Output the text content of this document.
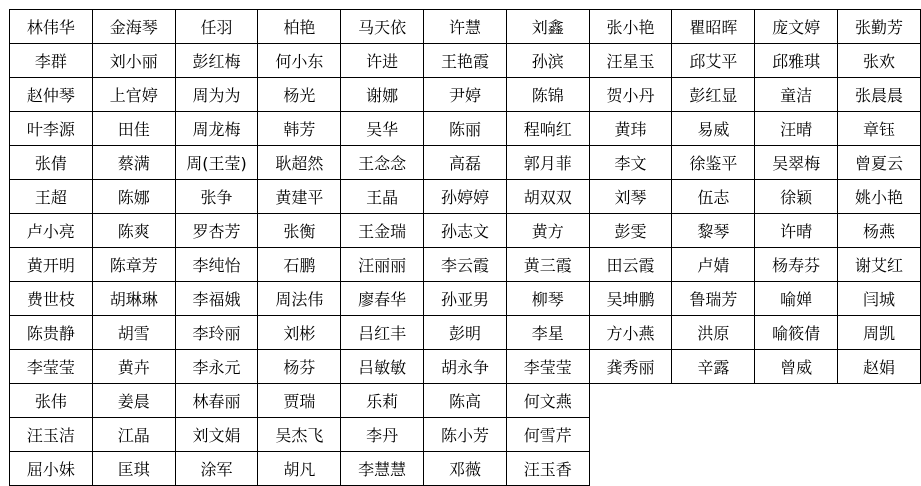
林伟华	金海琴	任羽	柏艳	马天依	许慧	刘鑫	张小艳	瞿昭晖	庞文婷	张勤芳
李群	刘小丽	彭红梅	何小东	许进	王艳霞	孙滨	汪星玉	邱艾平	邱雅琪	张欢
赵仲琴	上官婷	周为为	杨光	谢娜	尹婷	陈锦	贺小丹	彭红显	童洁	张晨晨
叶李源	田佳	周龙梅	韩芳	吴华	陈丽	程响红	黄玮	易威	汪晴	章钰
张倩	蔡满	周(王莹)	耿超然	王念念	高磊	郭月菲	李文	徐鉴平	吴翠梅	曾夏云
王超	陈娜	张争	黄建平	王晶	孙婷婷	胡双双	刘琴	伍志	徐颖	姚小艳
卢小亮	陈爽	罗杏芳	张衡	王金瑞	孙志文	黄方	彭雯	黎琴	许晴	杨燕
黄开明	陈章芳	李纯怡	石鹏	汪丽丽	李云霞	黄三霞	田云霞	卢婧	杨寿芬	谢艾红
费世枝	胡琳琳	李福娥	周法伟	廖春华	孙亚男	柳琴	吴坤鹏	鲁瑞芳	喻婵	闫城
陈贵静	胡雪	李玲丽	刘彬	吕红丰	彭明	李星	方小燕	洪原	喻筱倩	周凯
李莹莹	黄卉	李永元	杨芬	吕敏敏	胡永争	李莹莹	龚秀丽	辛露	曾威	赵娟
张伟	姜晨	林春丽	贾瑞	乐莉	陈高	何文燕				
汪玉洁	江晶	刘文娟	吴杰飞	李丹	陈小芳	何雪芹				
屈小妹	匡琪	涂军	胡凡	李慧慧	邓薇	汪玉香				
